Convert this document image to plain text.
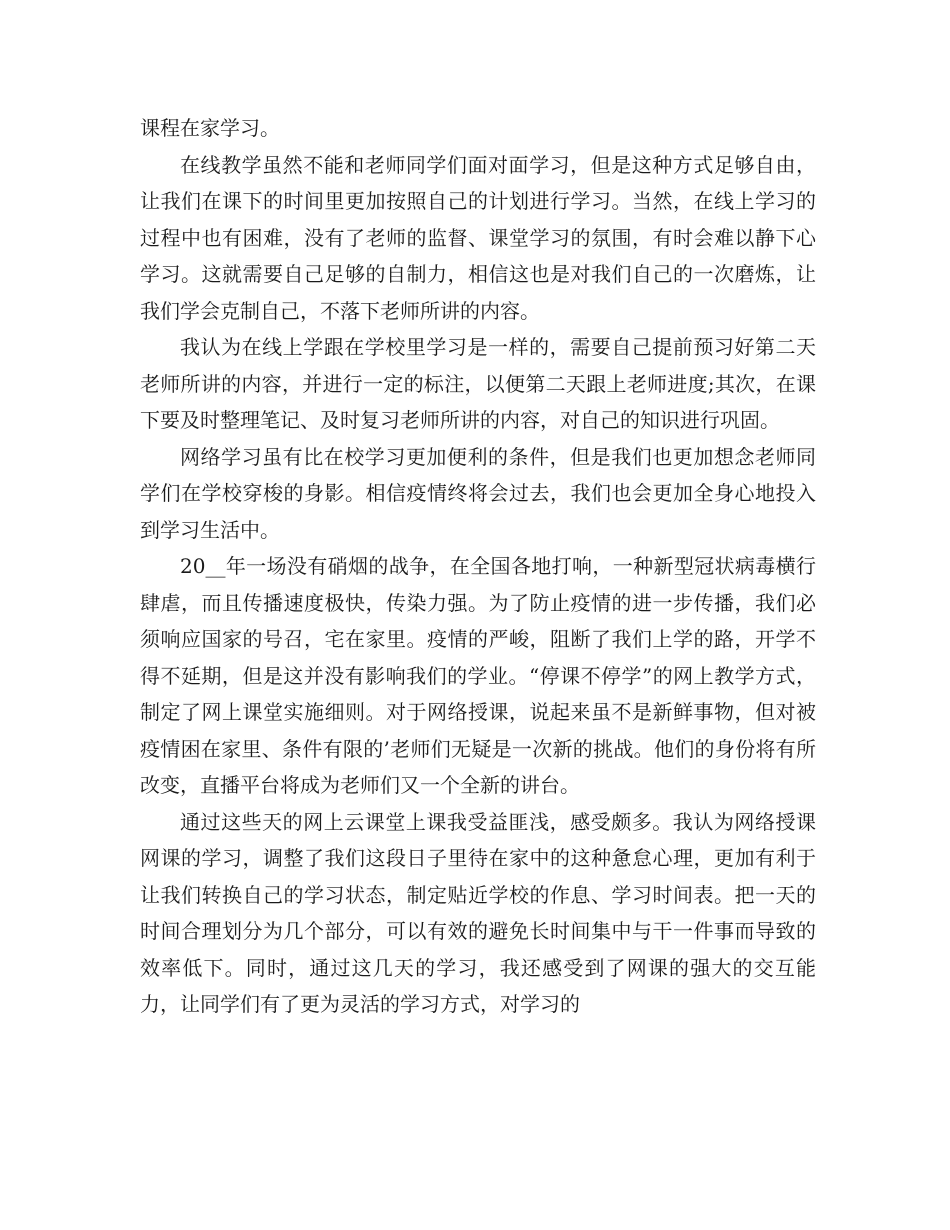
课程在家学习。

在线教学虽然不能和老师同学们面对面学习，但是这种方式足够自由，让我们在课下的时间里更加按照自己的计划进行学习。当然，在线上学习的过程中也有困难，没有了老师的监督、课堂学习的氛围，有时会难以静下心学习。这就需要自己足够的自制力，相信这也是对我们自己的一次磨炼，让我们学会克制自己，不落下老师所讲的内容。

我认为在线上学跟在学校里学习是一样的，需要自己提前预习好第二天老师所讲的内容，并进行一定的标注，以便第二天跟上老师进度;其次，在课下要及时整理笔记、及时复习老师所讲的内容，对自己的知识进行巩固。

网络学习虽有比在校学习更加便利的条件，但是我们也更加想念老师同学们在学校穿梭的身影。相信疫情终将会过去，我们也会更加全身心地投入到学习生活中。

20__年一场没有硝烟的战争，在全国各地打响，一种新型冠状病毒横行肆虐，而且传播速度极快，传染力强。为了防止疫情的进一步传播，我们必须响应国家的号召，宅在家里。疫情的严峻，阻断了我们上学的路，开学不得不延期，但是这并没有影响我们的学业。“停课不停学”的网上教学方式，制定了网上课堂实施细则。对于网络授课，说起来虽不是新鲜事物，但对被疫情困在家里、条件有限的’老师们无疑是一次新的挑战。他们的身份将有所改变，直播平台将成为老师们又一个全新的讲台。

通过这些天的网上云课堂上课我受益匪浅，感受颇多。我认为网络授课网课的学习，调整了我们这段日子里待在家中的这种惫怠心理，更加有利于让我们转换自己的学习状态，制定贴近学校的作息、学习时间表。把一天的时间合理划分为几个部分，可以有效的避免长时间集中与干一件事而导致的效率低下。同时，通过这几天的学习，我还感受到了网课的强大的交互能力，让同学们有了更为灵活的学习方式，对学习的
